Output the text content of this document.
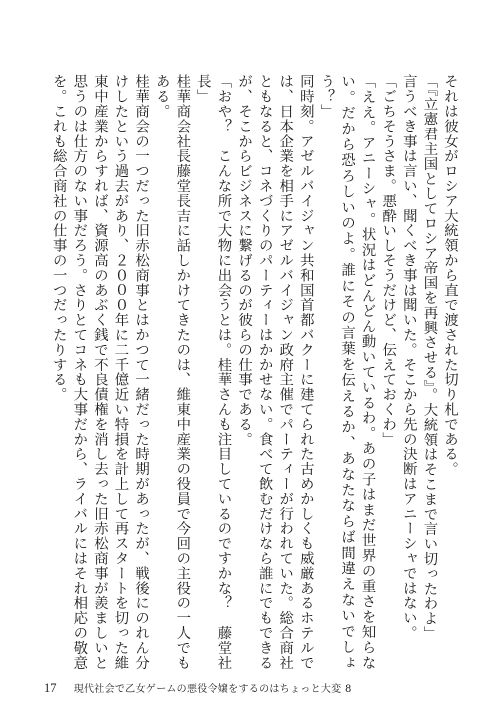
それは彼女がロシア大統領から直で渡された切り札である。

「『立憲君主国としてロシア帝国を再興させる』。大統領はそこまで言い切ったわよ」

言うべき事は言い、聞くべき事は聞いた。そこから先の決断はアニーシャではない。

「ごちそうさま。悪酔いしそうだけど、伝えておくわ」

「ええ。アニーシャ。状況はどんどん動いているわ。あの子はまだ世界の重さを知らない。だから恐ろしいのよ。誰にその言葉を伝えるか、あなたならば間違えないでしょう？」

同時刻。アゼルバイジャン共和国首都バクーに建てられた古めかしくも威厳あるホテルでは、日本企業を相手にアゼルバイジャン政府主催でパーティーが行われていた。総合商社ともなると、コネづくりのパーティーはかかせない。食べて飲むだけなら誰にでもできるが、そこからビジネスに繋げるのが彼らの仕事である。

「おや？　こんな所で大物に出会うとは。桂華さんも注目しているのですかな？　藤堂社長」

桂華商会社長藤堂長吉に話しかけてきたのは、維東中産業の役員で今回の主役の一人でもある。

桂華商会の一つだった旧赤松商事とはかつて一緒だった時期があったが、戦後にのれん分けしたという過去があり、２０００年に二千億近い特損を計上して再スタートを切った維東中産業からすれば、資源高のあぶく銭で不良債権を消し去った旧赤松商事が羨ましいと思うのは仕方のない事だろう。さりとてコネも大事だから、ライバルにはそれ相応の敬意を。これも総合商社の仕事の一つだったりする。

17 現代社会で乙女ゲームの悪役令嬢をするのはちょっと大変 8
